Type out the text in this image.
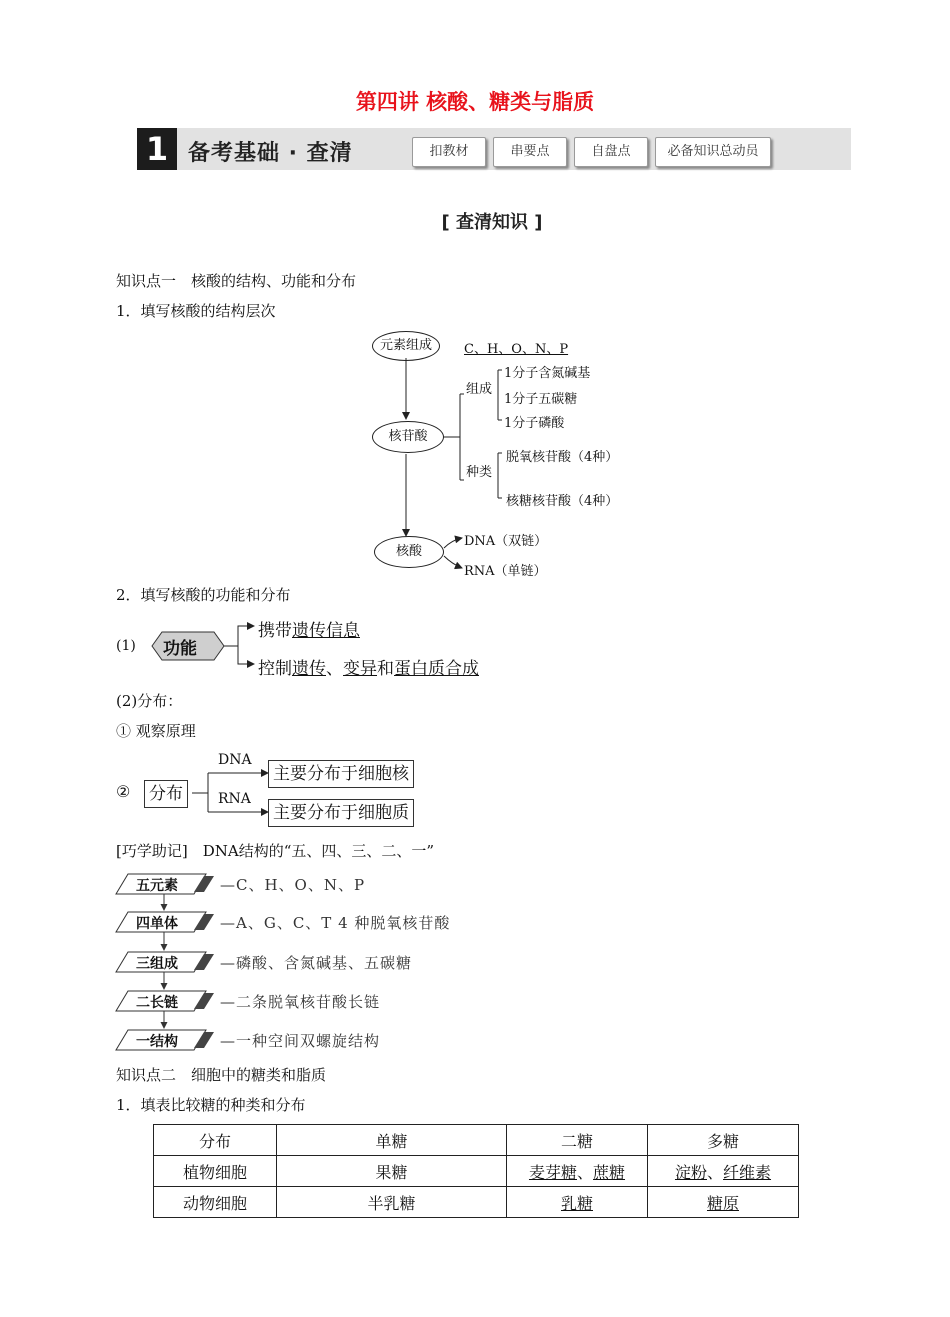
第四讲 核酸、糖类与脂质
1 备考基础 · 查清	扣教材	串要点	自盘点	必备知识总动员
[ 查清知识 ]
知识点一　核酸的结构、功能和分布
1．填写核酸的结构层次
元素组成	C、H、O、N、P
核苷酸
组成
1分子含氮碱基
1分子五碳糖
1分子磷酸
种类
脱氧核苷酸（4种）
核糖核苷酸（4种）
核酸
DNA（双链）
RNA（单链）
2．填写核酸的功能和分布
(1) 功能
携带遗传信息
控制遗传、变异和蛋白质合成
(2)分布：
① 观察原理
② 分布
DNA
RNA
主要分布于细胞核
主要分布于细胞质
[巧学助记]　DNA结构的“五、四、三、二、一”
五元素	—C、H、O、N、P
四单体	—A、G、C、T 4 种脱氧核苷酸
三组成	—磷酸、含氮碱基、五碳糖
二长链	—二条脱氧核苷酸长链
一结构	—一种空间双螺旋结构
知识点二　细胞中的糖类和脂质
1．填表比较糖的种类和分布
分布	单糖	二糖	多糖
植物细胞	果糖	麦芽糖、蔗糖	淀粉、纤维素
动物细胞	半乳糖	乳糖	糖原
